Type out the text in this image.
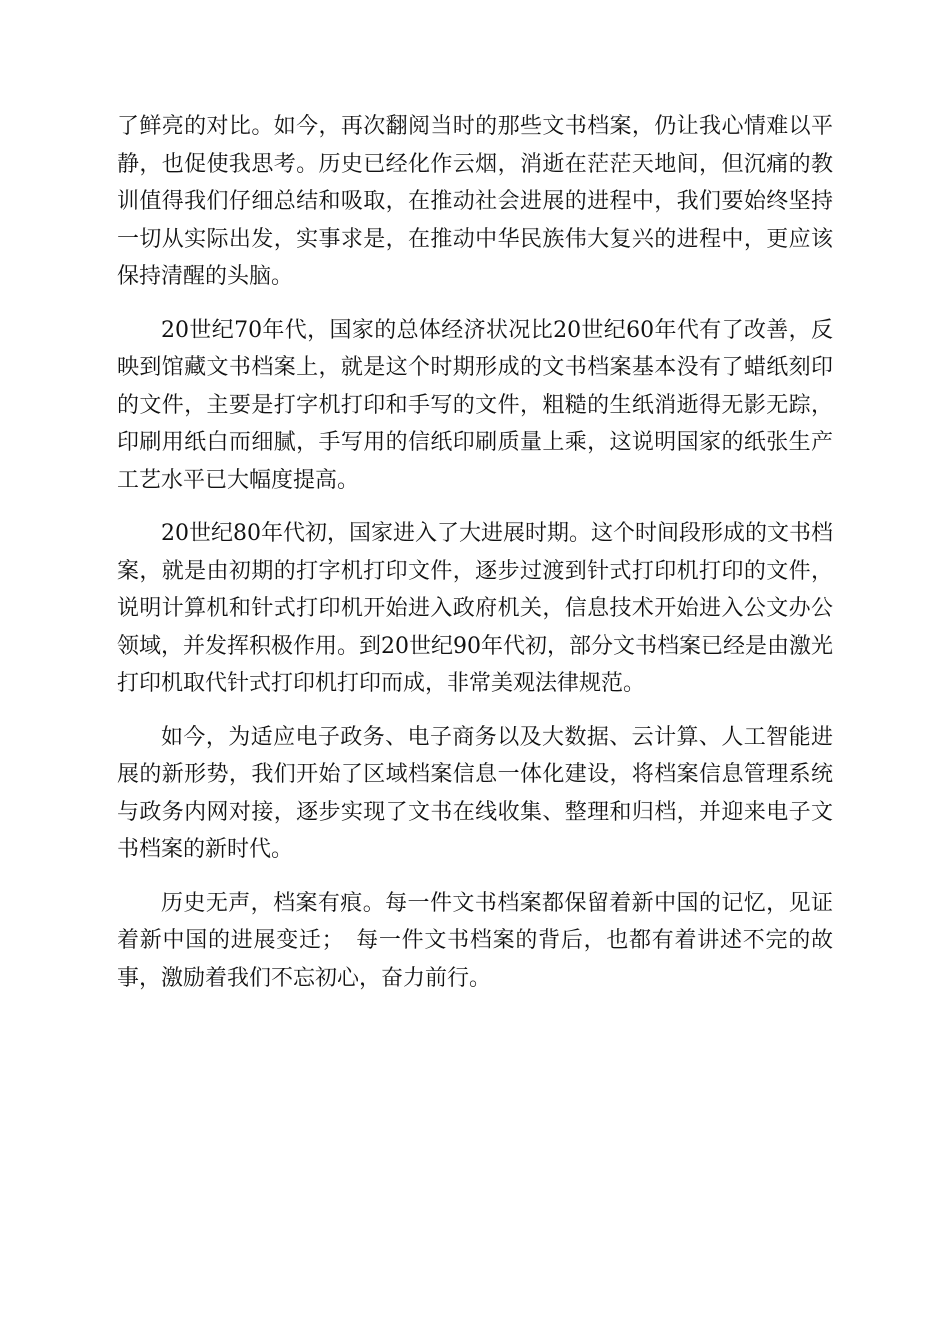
了鲜亮的对比。如今，再次翻阅当时的那些文书档案，仍让我心情难以平静，也促使我思考。历史已经化作云烟，消逝在茫茫天地间，但沉痛的教训值得我们仔细总结和吸取，在推动社会进展的进程中，我们要始终坚持一切从实际出发，实事求是，在推动中华民族伟大复兴的进程中，更应该保持清醒的头脑。

20世纪70年代，国家的总体经济状况比20世纪60年代有了改善，反映到馆藏文书档案上，就是这个时期形成的文书档案基本没有了蜡纸刻印的文件，主要是打字机打印和手写的文件，粗糙的生纸消逝得无影无踪，印刷用纸白而细腻，手写用的信纸印刷质量上乘，这说明国家的纸张生产工艺水平已大幅度提高。

20世纪80年代初，国家进入了大进展时期。这个时间段形成的文书档案，就是由初期的打字机打印文件，逐步过渡到针式打印机打印的文件，说明计算机和针式打印机开始进入政府机关，信息技术开始进入公文办公领域，并发挥积极作用。到20世纪90年代初，部分文书档案已经是由激光打印机取代针式打印机打印而成，非常美观法律规范。

如今，为适应电子政务、电子商务以及大数据、云计算、人工智能进展的新形势，我们开始了区域档案信息一体化建设，将档案信息管理系统与政务内网对接，逐步实现了文书在线收集、整理和归档，并迎来电子文书档案的新时代。

历史无声，档案有痕。每一件文书档案都保留着新中国的记忆，见证着新中国的进展变迁；　每一件文书档案的背后，也都有着讲述不完的故事，激励着我们不忘初心，奋力前行。
